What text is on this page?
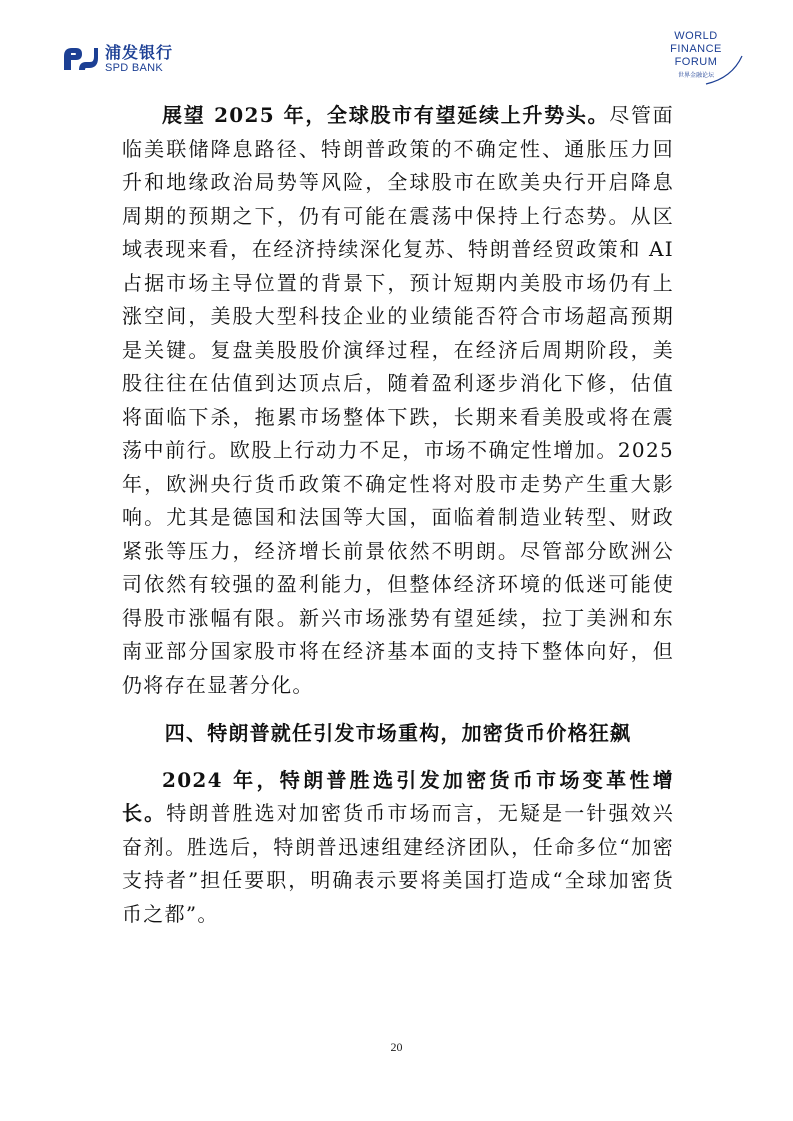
浦发银行
SPD BANK
WORLD
FINANCE
FORUM
世界金融论坛

展望 2025 年，全球股市有望延续上升势头。尽管面临美联储降息路径、特朗普政策的不确定性、通胀压力回升和地缘政治局势等风险，全球股市在欧美央行开启降息周期的预期之下，仍有可能在震荡中保持上行态势。从区域表现来看，在经济持续深化复苏、特朗普经贸政策和 AI 占据市场主导位置的背景下，预计短期内美股市场仍有上涨空间，美股大型科技企业的业绩能否符合市场超高预期是关键。复盘美股股价演绎过程，在经济后周期阶段，美股往往在估值到达顶点后，随着盈利逐步消化下修，估值将面临下杀，拖累市场整体下跌，长期来看美股或将在震荡中前行。欧股上行动力不足，市场不确定性增加。2025 年，欧洲央行货币政策不确定性将对股市走势产生重大影响。尤其是德国和法国等大国，面临着制造业转型、财政紧张等压力，经济增长前景依然不明朗。尽管部分欧洲公司依然有较强的盈利能力，但整体经济环境的低迷可能使得股市涨幅有限。新兴市场涨势有望延续，拉丁美洲和东南亚部分国家股市将在经济基本面的支持下整体向好，但仍将存在显著分化。

四、特朗普就任引发市场重构，加密货币价格狂飙

2024 年，特朗普胜选引发加密货币市场变革性增长。特朗普胜选对加密货币市场而言，无疑是一针强效兴奋剂。胜选后，特朗普迅速组建经济团队，任命多位“加密支持者”担任要职，明确表示要将美国打造成“全球加密货币之都”。

20
